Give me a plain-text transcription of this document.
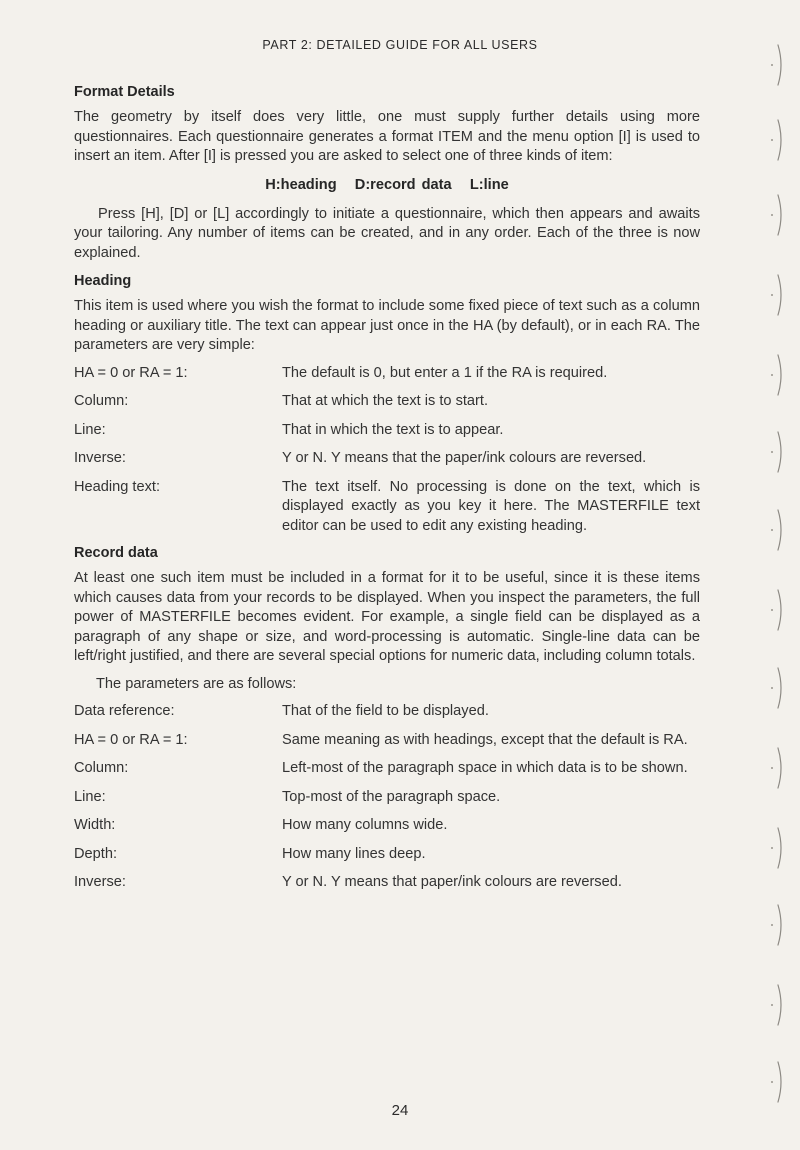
PART 2: DETAILED GUIDE FOR ALL USERS
Format Details

The geometry by itself does very little, one must supply further details using more questionnaires. Each questionnaire generates a format ITEM and the menu option [I] is used to insert an item. After [I] is pressed you are asked to select one of three kinds of item:

H:heading   D:record data   L:line

Press [H], [D] or [L] accordingly to initiate a questionnaire, which then appears and awaits your tailoring. Any number of items can be created, and in any order. Each of the three is now explained.

Heading

This item is used where you wish the format to include some fixed piece of text such as a column heading or auxiliary title. The text can appear just once in the HA (by default), or in each RA. The parameters are very simple:

HA = 0 or RA = 1:	The default is 0, but enter a 1 if the RA is required.
Column:	That at which the text is to start.
Line:	That in which the text is to appear.
Inverse:	Y or N. Y means that the paper/ink colours are reversed.
Heading text:	The text itself. No processing is done on the text, which is displayed exactly as you key it here. The MASTERFILE text editor can be used to edit any existing heading.
Record data

At least one such item must be included in a format for it to be useful, since it is these items which causes data from your records to be displayed. When you inspect the parameters, the full power of MASTERFILE becomes evident. For example, a single field can be displayed as a paragraph of any shape or size, and word-processing is automatic. Single-line data can be left/right justified, and there are several special options for numeric data, including column totals.

The parameters are as follows:

Data reference:	That of the field to be displayed.
HA = 0 or RA = 1:	Same meaning as with headings, except that the default is RA.
Column:	Left-most of the paragraph space in which data is to be shown.
Line:	Top-most of the paragraph space.
Width:	How many columns wide.
Depth:	How many lines deep.
Inverse:	Y or N. Y means that paper/ink colours are reversed.
24
